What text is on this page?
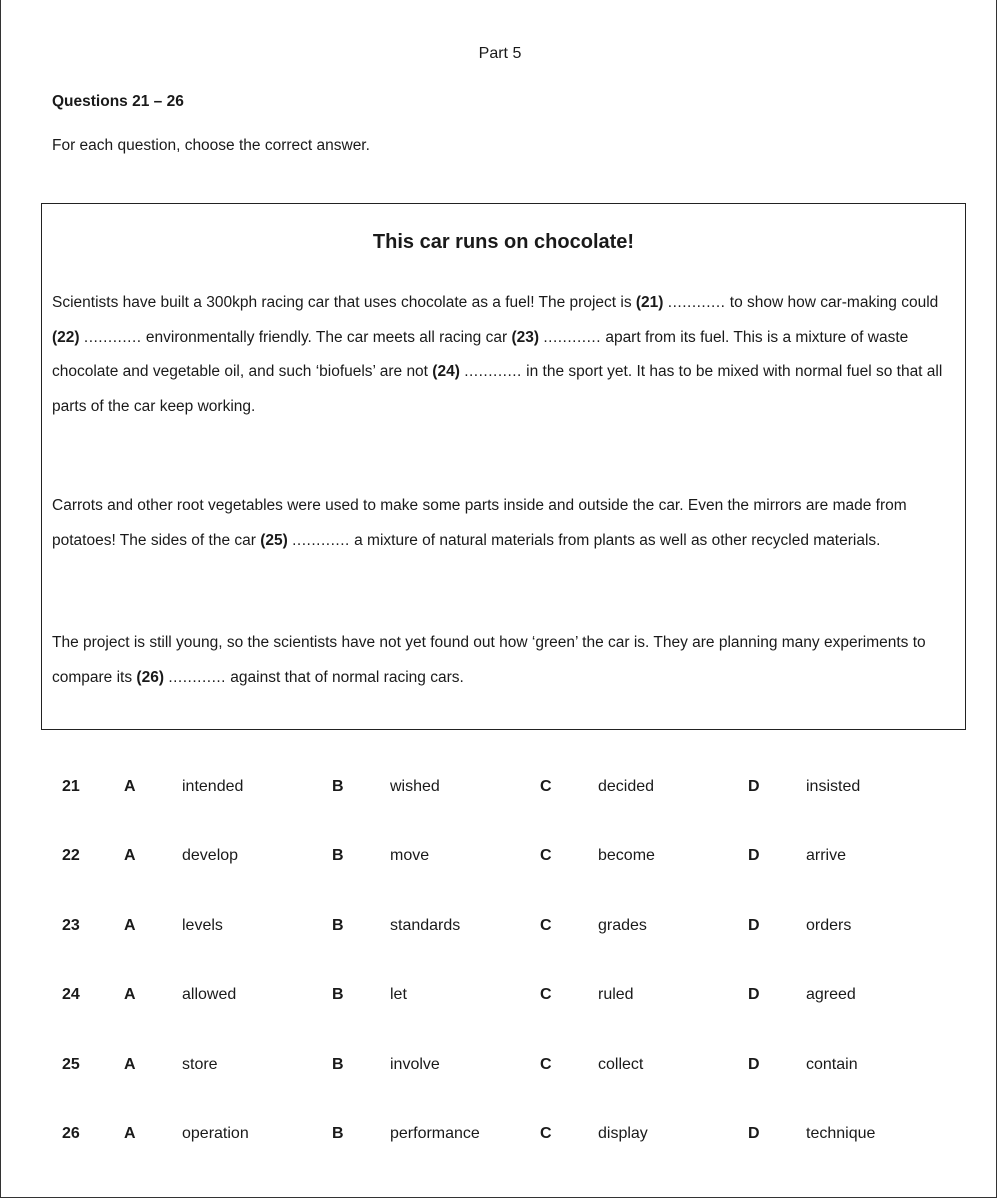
Part 5
Questions 21 – 26
For each question, choose the correct answer.
This car runs on chocolate!

Scientists have built a 300kph racing car that uses chocolate as a fuel! The project is (21) ............ to show how car-making could (22) ............ environmentally friendly. The car meets all racing car (23) ............ apart from its fuel. This is a mixture of waste chocolate and vegetable oil, and such ‘biofuels’ are not (24) ............ in the sport yet. It has to be mixed with normal fuel so that all parts of the car keep working.

Carrots and other root vegetables were used to make some parts inside and outside the car. Even the mirrors are made from potatoes! The sides of the car (25) ............ a mixture of natural materials from plants as well as other recycled materials.

The project is still young, so the scientists have not yet found out how ‘green’ the car is. They are planning many experiments to compare its (26) ............ against that of normal racing cars.

21	A	intended	B	wished	C	decided	D	insisted
22	A	develop	B	move	C	become	D	arrive
23	A	levels	B	standards	C	grades	D	orders
24	A	allowed	B	let	C	ruled	D	agreed
25	A	store	B	involve	C	collect	D	contain
26	A	operation	B	performance	C	display	D	technique
